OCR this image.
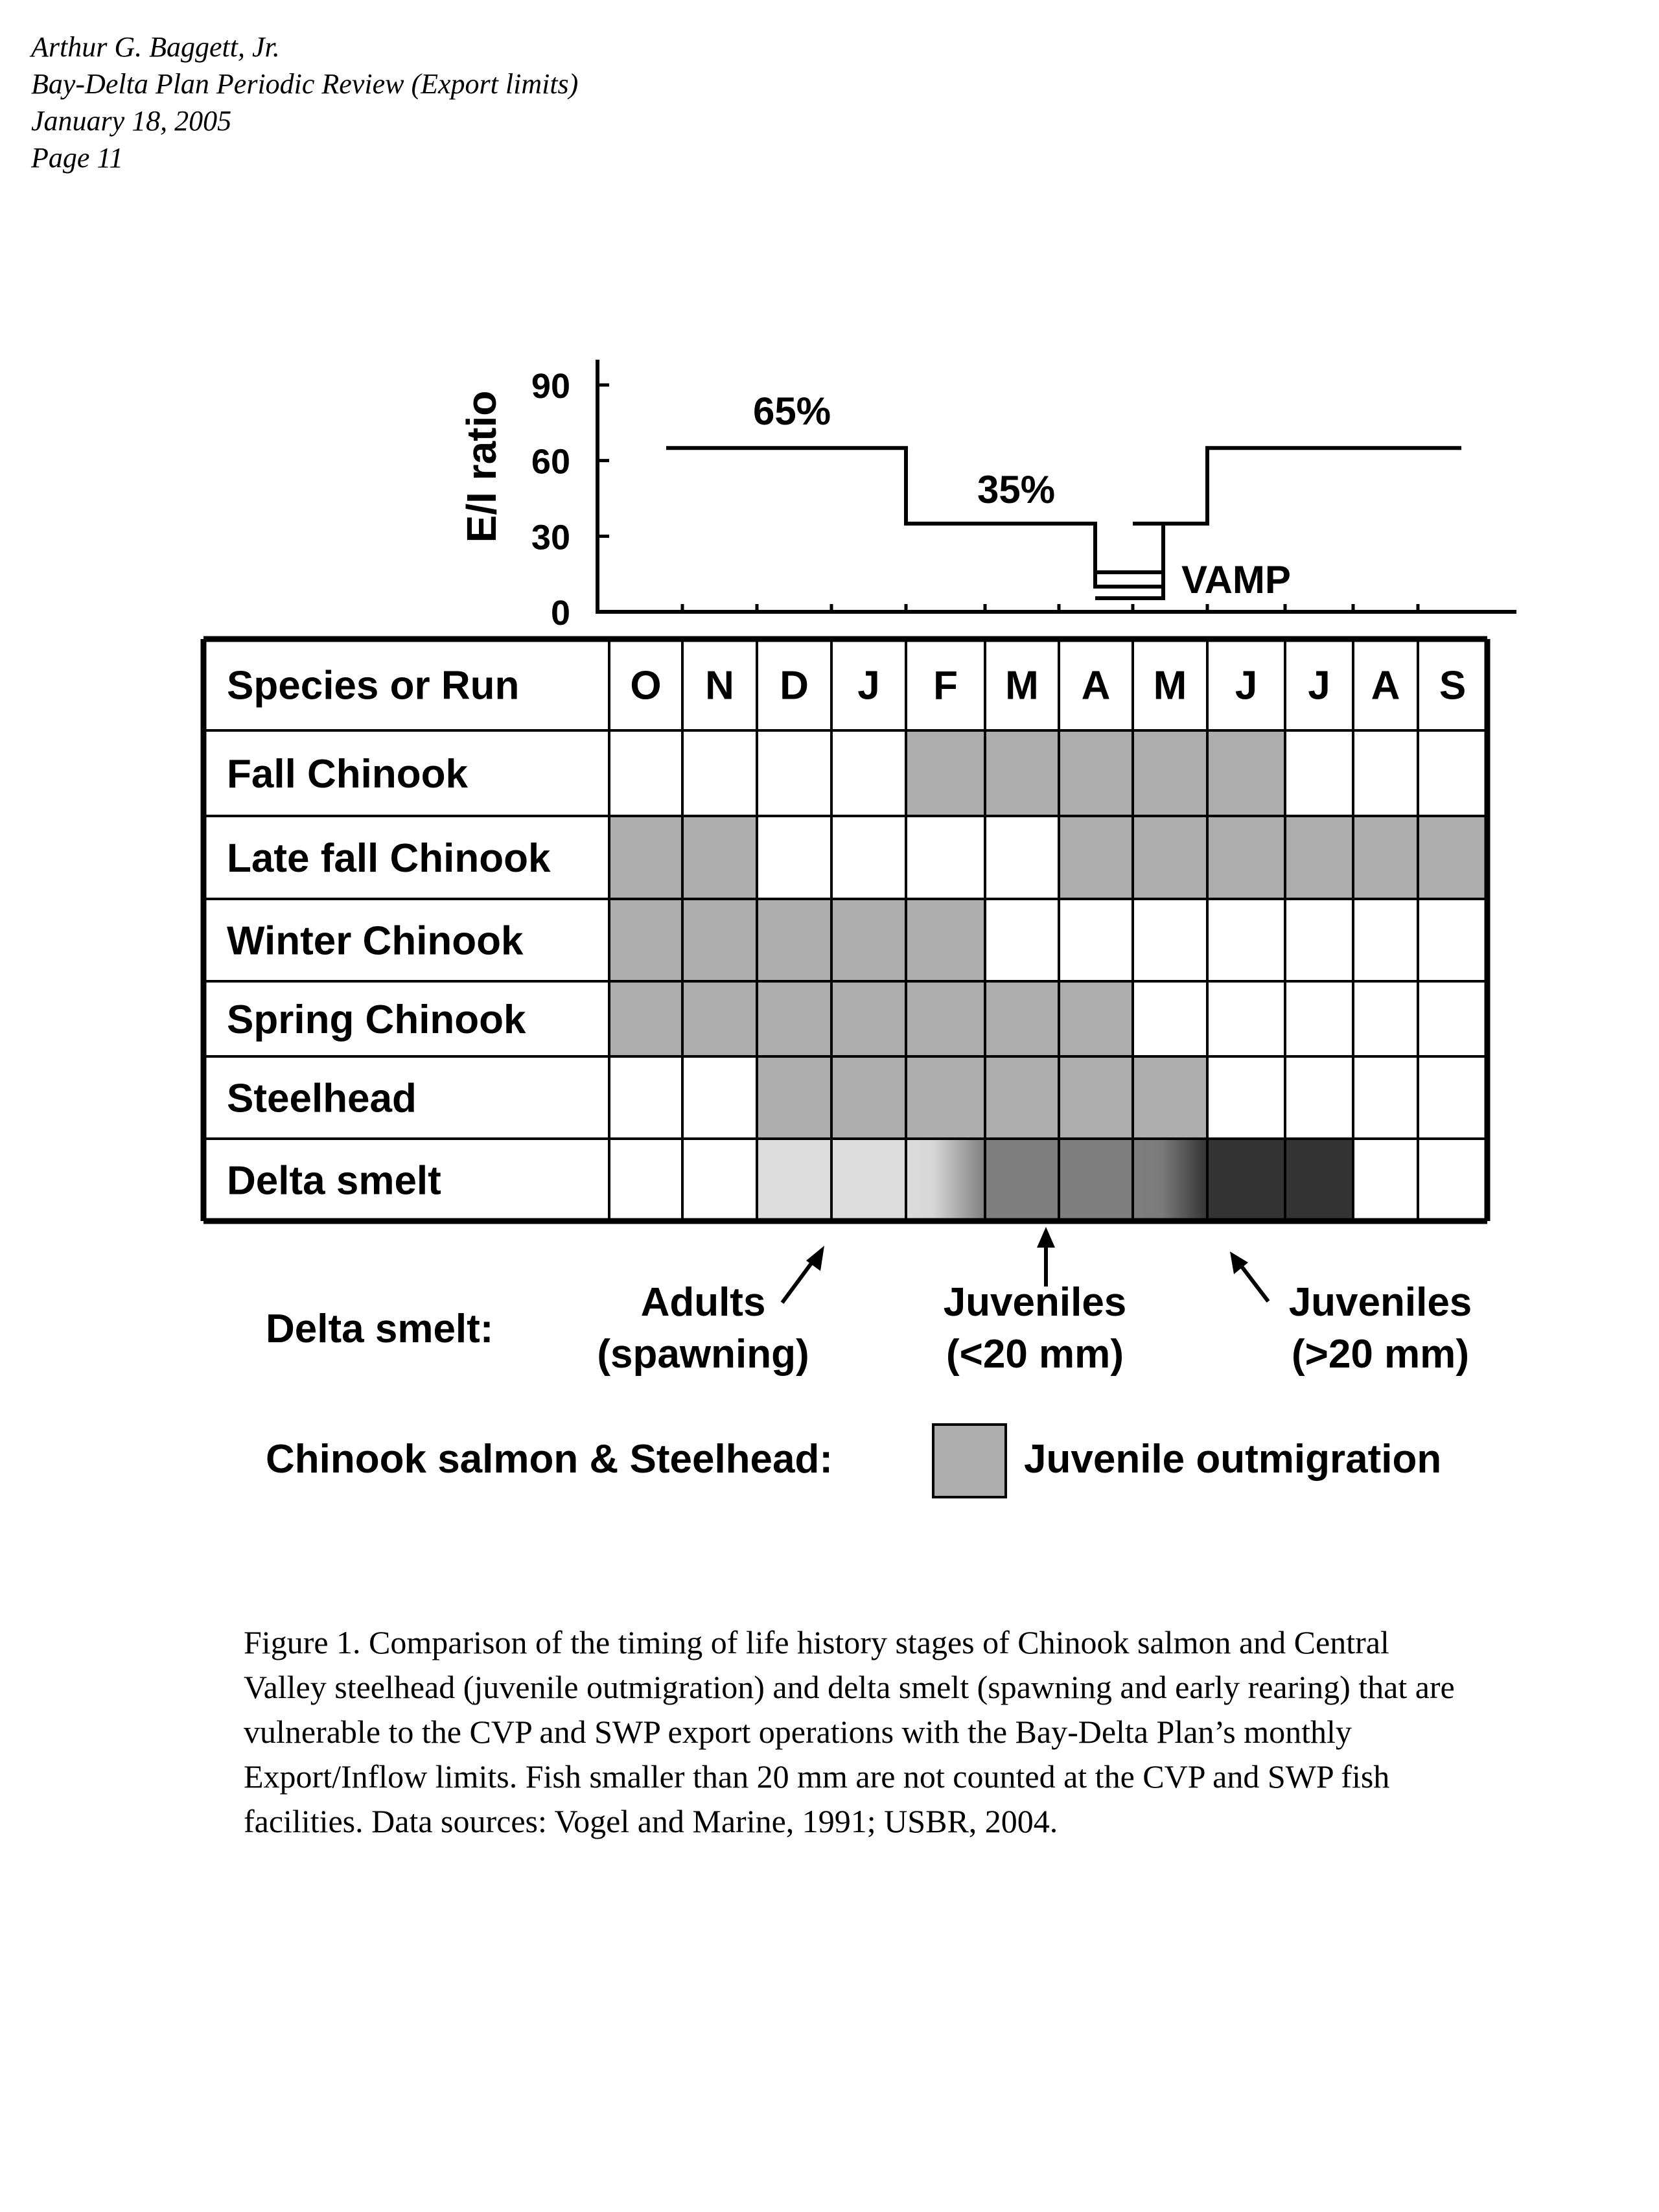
Arthur G. Baggett, Jr.
Bay-Delta Plan Periodic Review (Export limits)
January 18, 2005
Page 11
E/I ratio
0
30
60
90
65%
35%
VAMP
Fall Chinook
Late fall Chinook
Winter Chinook
Spring Chinook
Steelhead
Delta smelt
Species or Run	O N D J F M A M J J A S
Delta smelt:
Adults
(spawning)
Juveniles
(<20 mm)
Juveniles
(>20 mm)
Chinook salmon & Steelhead:	Juvenile outmigration
Figure 1. Comparison of the timing of life history stages of Chinook salmon and Central Valley steelhead (juvenile outmigration) and delta smelt (spawning and early rearing) that are vulnerable to the CVP and SWP export operations with the Bay-Delta Plan’s monthly Export/Inflow limits. Fish smaller than 20 mm are not counted at the CVP and SWP fish facilities. Data sources: Vogel and Marine, 1991; USBR, 2004.
